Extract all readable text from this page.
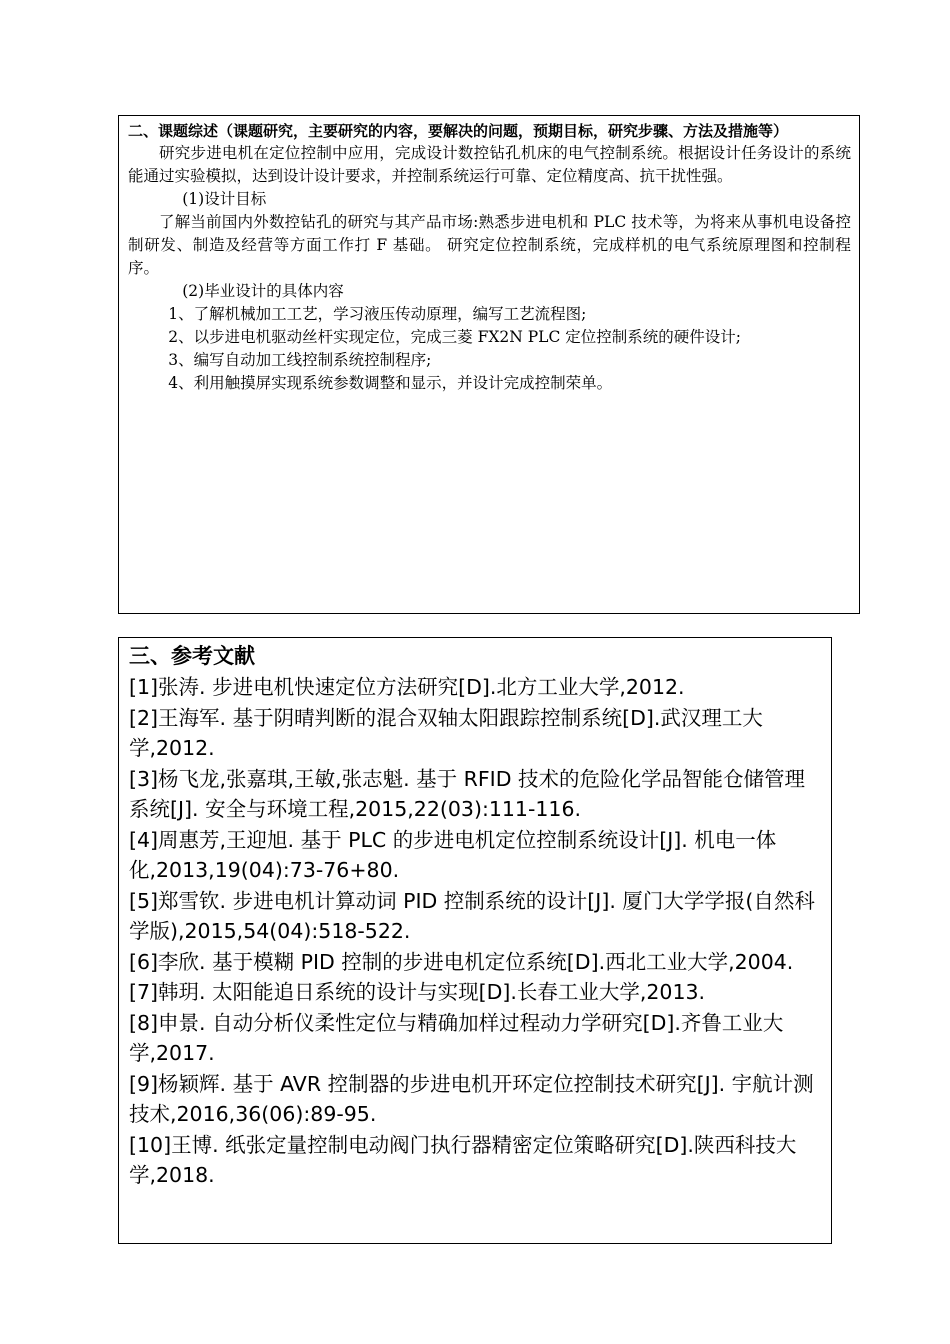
二、课题综述（课题研究，主要研究的内容，要解决的问题，预期目标，研究步骤、方法及措施等）

研究步进电机在定位控制中应用，完成设计数控钻孔机床的电气控制系统。根据设计任务设计的系统能通过实验模拟，达到设计设计要求，并控制系统运行可靠、定位精度高、抗干扰性强。

(1)设计目标

了解当前国内外数控钻孔的研究与其产品市场:熟悉步进电机和 PLC 技术等，为将来从事机电设备控制研发、制造及经营等方面工作打 F 基础。 研究定位控制系统，完成样机的电气系统原理图和控制程序。

(2)毕业设计的具体内容

1、了解机械加工工艺，学习液压传动原理，编写工艺流程图;

2、以步进电机驱动丝杆实现定位，完成三菱 FX2N PLC 定位控制系统的硬件设计;

3、编写自动加工线控制系统控制程序;

4、利用触摸屏实现系统参数调整和显示，并设计完成控制荣单。

三、参考文献

[1]张涛. 步进电机快速定位方法研究[D].北方工业大学,2012.

[2]王海军. 基于阴晴判断的混合双轴太阳跟踪控制系统[D].武汉理工大学,2012.

[3]杨飞龙,张嘉琪,王敏,张志魁. 基于 RFID 技术的危险化学品智能仓储管理系统[J]. 安全与环境工程,2015,22(03):111-116.

[4]周惠芳,王迎旭. 基于 PLC 的步进电机定位控制系统设计[J]. 机电一体化,2013,19(04):73-76+80.

[5]郑雪钦. 步进电机计算动词 PID 控制系统的设计[J]. 厦门大学学报(自然科学版),2015,54(04):518-522.

[6]李欣. 基于模糊 PID 控制的步进电机定位系统[D].西北工业大学,2004.

[7]韩玥. 太阳能追日系统的设计与实现[D].长春工业大学,2013.

[8]申景. 自动分析仪柔性定位与精确加样过程动力学研究[D].齐鲁工业大学,2017.

[9]杨颖辉. 基于 AVR 控制器的步进电机开环定位控制技术研究[J]. 宇航计测技术,2016,36(06):89-95.

[10]王博. 纸张定量控制电动阀门执行器精密定位策略研究[D].陕西科技大学,2018.
